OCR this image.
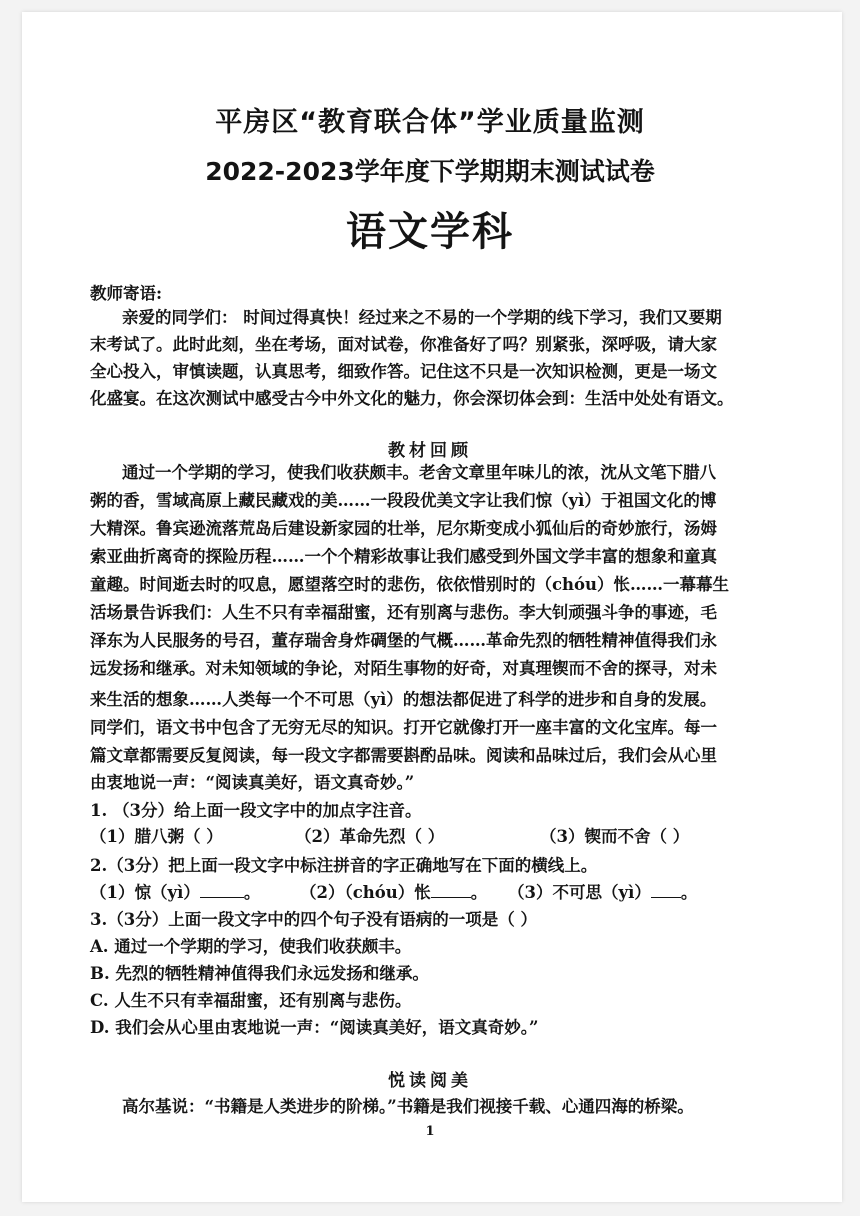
平房区“教育联合体”学业质量监测
2022-2023学年度下学期期末测试试卷
语文学科
教师寄语:
亲爱的同学们： 时间过得真快！经过来之不易的一个学期的线下学习，我们又要期
末考试了。此时此刻，坐在考场，面对试卷，你准备好了吗？别紧张，深呼吸，请大家
全心投入，审慎读题，认真思考，细致作答。记住这不只是一次知识检测，更是一场文
化盛宴。在这次测试中感受古今中外文化的魅力，你会深切体会到：生活中处处有语文。
教材回顾
通过一个学期的学习，使我们收获颇丰。老舍文章里年味儿的浓，沈从文笔下腊八
粥的香，雪域高原上藏民藏戏的美……一段段优美文字让我们惊（yì）于祖国文化的博
大精深。鲁宾逊流落荒岛后建设新家园的壮举，尼尔斯变成小狐仙后的奇妙旅行，汤姆
索亚曲折离奇的探险历程……一个个精彩故事让我们感受到外国文学丰富的想象和童真
童趣。时间逝去时的叹息，愿望落空时的悲伤，依依惜别时的（chóu）怅……一幕幕生
活场景告诉我们：人生不只有幸福甜蜜，还有别离与悲伤。李大钊顽强斗争的事迹，毛
泽东为人民服务的号召，董存瑞舍身炸碉堡的气概……革命先烈的牺牲精神值得我们永
远发扬和继承。对未知领域的争论，对陌生事物的好奇，对真理锲而不舍的探寻，对未
来生活的想象……人类每一个不可思（yì）的想法都促进了科学的进步和自身的发展。
同学们，语文书中包含了无穷无尽的知识。打开它就像打开一座丰富的文化宝库。每一
篇文章都需要反复阅读，每一段文字都需要斟酌品味。阅读和品味过后，我们会从心里
由衷地说一声：“阅读真美好，语文真奇妙。”
1. （3分）给上面一段文字中的加点字注音。
（1）腊八粥（ ）	（2）革命先烈（ ）	（3）锲而不舍（ ）
2.（3分）把上面一段文字中标注拼音的字正确地写在下面的横线上。
（1）惊（yì）	。	（2）（chóu）怅 。	（3）不可思（yì） 。
3.（3分）上面一段文字中的四个句子没有语病的一项是（ ）
A. 通过一个学期的学习，使我们收获颇丰。
B. 先烈的牺牲精神值得我们永远发扬和继承。
C. 人生不只有幸福甜蜜，还有别离与悲伤。
D. 我们会从心里由衷地说一声：“阅读真美好，语文真奇妙。”
悦读阅美
高尔基说：“书籍是人类进步的阶梯。”书籍是我们视接千载、心通四海的桥梁。
1
